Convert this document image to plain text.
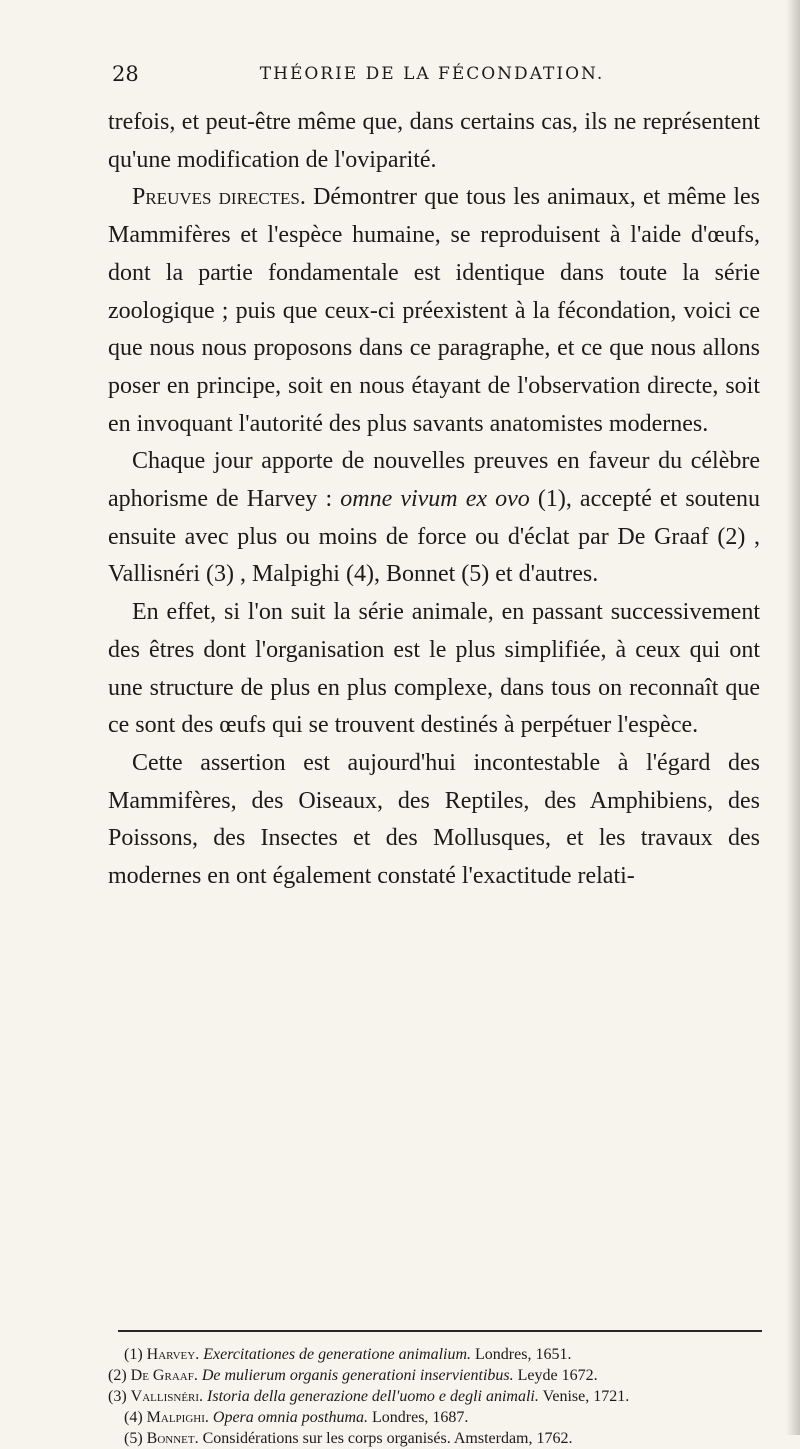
28	THÉORIE DE LA FÉCONDATION.

trefois, et peut-être même que, dans certains cas, ils ne représentent qu'une modification de l'oviparité.

Preuves directes. Démontrer que tous les animaux, et même les Mammifères et l'espèce humaine, se reproduisent à l'aide d'œufs, dont la partie fondamentale est identique dans toute la série zoologique ; puis que ceux-ci préexistent à la fécondation, voici ce que nous nous proposons dans ce paragraphe, et ce que nous allons poser en principe, soit en nous étayant de l'observation directe, soit en invoquant l'autorité des plus savants anatomistes modernes.

Chaque jour apporte de nouvelles preuves en faveur du célèbre aphorisme de Harvey : omne vivum ex ovo (1), accepté et soutenu ensuite avec plus ou moins de force ou d'éclat par De Graaf (2) , Vallisnéri (3) , Malpighi (4), Bonnet (5) et d'autres.

En effet, si l'on suit la série animale, en passant successivement des êtres dont l'organisation est le plus simplifiée, à ceux qui ont une structure de plus en plus complexe, dans tous on reconnaît que ce sont des œufs qui se trouvent destinés à perpétuer l'espèce.

Cette assertion est aujourd'hui incontestable à l'égard des Mammifères, des Oiseaux, des Reptiles, des Amphibiens, des Poissons, des Insectes et des Mollusques, et les travaux des modernes en ont également constaté l'exactitude relati-

(1) Harvey. Exercitationes de generatione animalium. Londres, 1651.

(2) De Graaf. De mulierum organis generationi inservientibus. Leyde 1672.

(3) Vallisnéri. Istoria della generazione dell'uomo e degli animali. Venise, 1721.

(4) Malpighi. Opera omnia posthuma. Londres, 1687.

(5) Bonnet. Considérations sur les corps organisés. Amsterdam, 1762.
